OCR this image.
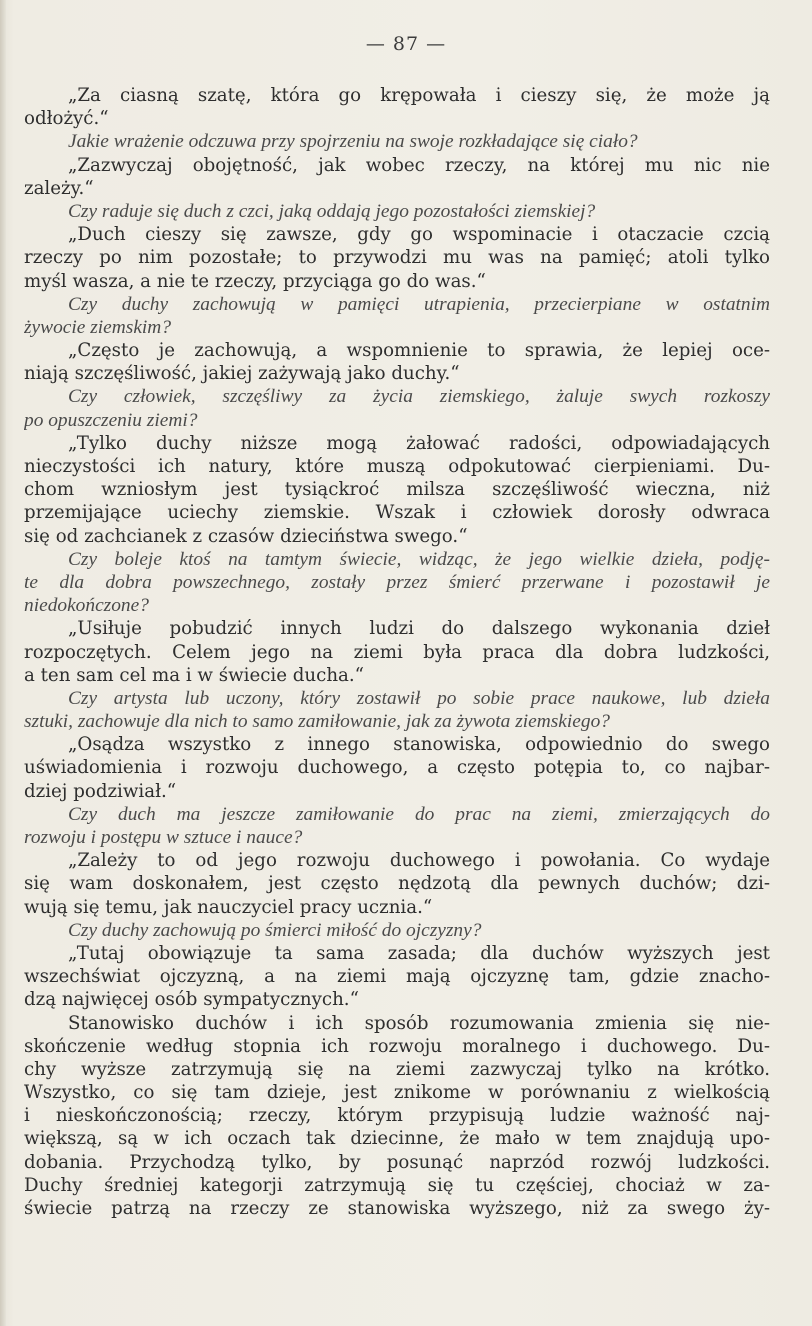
— 87 —
„Za ciasną szatę, która go krępowała i cieszy się, że może ją
odłożyć.“
Jakie wrażenie odczuwa przy spojrzeniu na swoje rozkładające się ciało?
„Zazwyczaj obojętność, jak wobec rzeczy, na której mu nic nie
zależy.“
Czy raduje się duch z czci, jaką oddają jego pozostałości ziemskiej?
„Duch cieszy się zawsze, gdy go wspominacie i otaczacie czcią
rzeczy po nim pozostałe; to przywodzi mu was na pamięć; atoli tylko
myśl wasza, a nie te rzeczy, przyciąga go do was.“
Czy duchy zachowują w pamięci utrapienia, przecierpiane w ostatnim
żywocie ziemskim?
„Często je zachowują, a wspomnienie to sprawia, że lepiej oce-
niają szczęśliwość, jakiej zażywają jako duchy.“
Czy człowiek, szczęśliwy za życia ziemskiego, żaluje swych rozkoszy
po opuszczeniu ziemi?
„Tylko duchy niższe mogą żałować radości, odpowiadających
nieczystości ich natury, które muszą odpokutować cierpieniami. Du-
chom wzniosłym jest tysiąckroć milsza szczęśliwość wieczna, niż
przemijające uciechy ziemskie. Wszak i człowiek dorosły odwraca
się od zachcianek z czasów dzieciństwa swego.“
Czy boleje ktoś na tamtym świecie, widząc, że jego wielkie dzieła, podję-
te dla dobra powszechnego, zostały przez śmierć przerwane i pozostawił je
niedokończone?
„Usiłuje pobudzić innych ludzi do dalszego wykonania dzieł
rozpoczętych. Celem jego na ziemi była praca dla dobra ludzkości,
a ten sam cel ma i w świecie ducha.“
Czy artysta lub uczony, który zostawił po sobie prace naukowe, lub dzieła
sztuki, zachowuje dla nich to samo zamiłowanie, jak za żywota ziemskiego?
„Osądza wszystko z innego stanowiska, odpowiednio do swego
uświadomienia i rozwoju duchowego, a często potępia to, co najbar-
dziej podziwiał.“
Czy duch ma jeszcze zamiłowanie do prac na ziemi, zmierzających do
rozwoju i postępu w sztuce i nauce?
„Zależy to od jego rozwoju duchowego i powołania. Co wydaje
się wam doskonałem, jest często nędzotą dla pewnych duchów; dzi-
wują się temu, jak nauczyciel pracy ucznia.“
Czy duchy zachowują po śmierci miłość do ojczyzny?
„Tutaj obowiązuje ta sama zasada; dla duchów wyższych jest
wszechświat ojczyzną, a na ziemi mają ojczyznę tam, gdzie znacho-
dzą najwięcej osób sympatycznych.“
Stanowisko duchów i ich sposób rozumowania zmienia się nie-
skończenie według stopnia ich rozwoju moralnego i duchowego. Du-
chy wyższe zatrzymują się na ziemi zazwyczaj tylko na krótko.
Wszystko, co się tam dzieje, jest znikome w porównaniu z wielkością
i nieskończonością; rzeczy, którym przypisują ludzie ważność naj-
większą, są w ich oczach tak dziecinne, że mało w tem znajdują upo-
dobania. Przychodzą tylko, by posunąć naprzód rozwój ludzkości.
Duchy średniej kategorji zatrzymują się tu częściej, chociaż w za-
świecie patrzą na rzeczy ze stanowiska wyższego, niż za swego ży-
